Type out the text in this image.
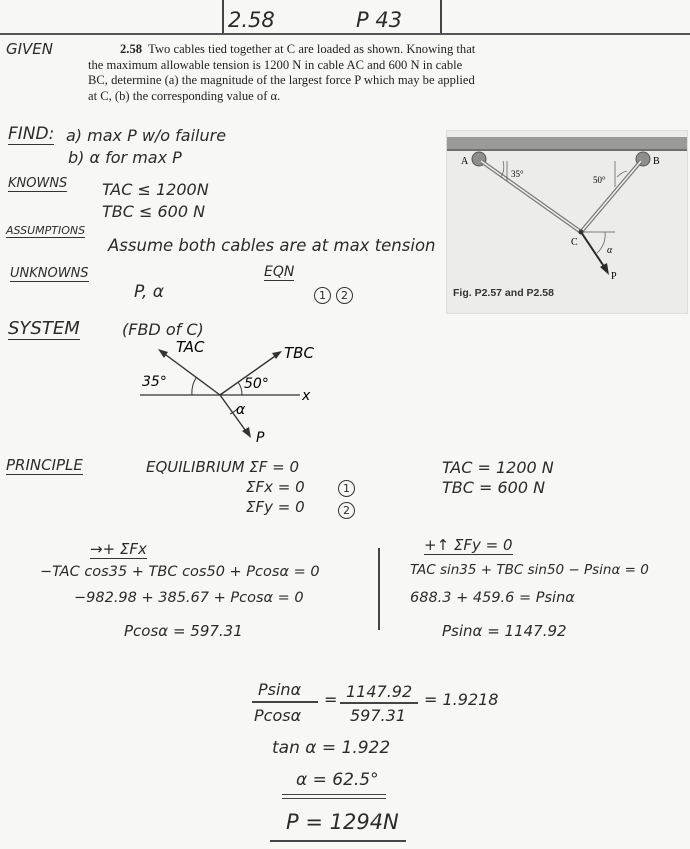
2.58	P 43
GIVEN	2.58 Two cables tied together at C are loaded as shown. Knowing that
the maximum allowable tension is 1200 N in cable AC and 600 N in cable
BC, determine (a) the magnitude of the largest force P which may be applied
at C, (b) the corresponding value of α.
A	B
C
P
35°
50°
α
Fig. P2.57 and P2.58
FIND: a) max P w/o failure
b) α for max P
KNOWNS TAC ≤ 1200N
TBC ≤ 600 N
ASSUMPTIONS
Assume both cables are at max tension
UNKNOWNS
P, α
EQN
1 2
SYSTEM	(FBD of C)
TAC	TBC
35°	50°
x
α
P
PRINCIPLE	EQUILIBRIUM ΣF = 0
ΣFx = 0
ΣFy = 0
1
2
TAC = 1200 N
TBC = 600 N
→+ ΣFx
−TAC cos35 + TBC cos50 + Pcosα = 0
−982.98 + 385.67 + Pcosα = 0
Pcosα = 597.31
+↑ ΣFy = 0
TAC sin35 + TBC sin50 − Psinα = 0
688.3 + 459.6 = Psinα
Psinα = 1147.92
Psinα
Pcosα
= 1147.92
597.31
= 1.9218
tan α = 1.922
α = 62.5°
P = 1294N
